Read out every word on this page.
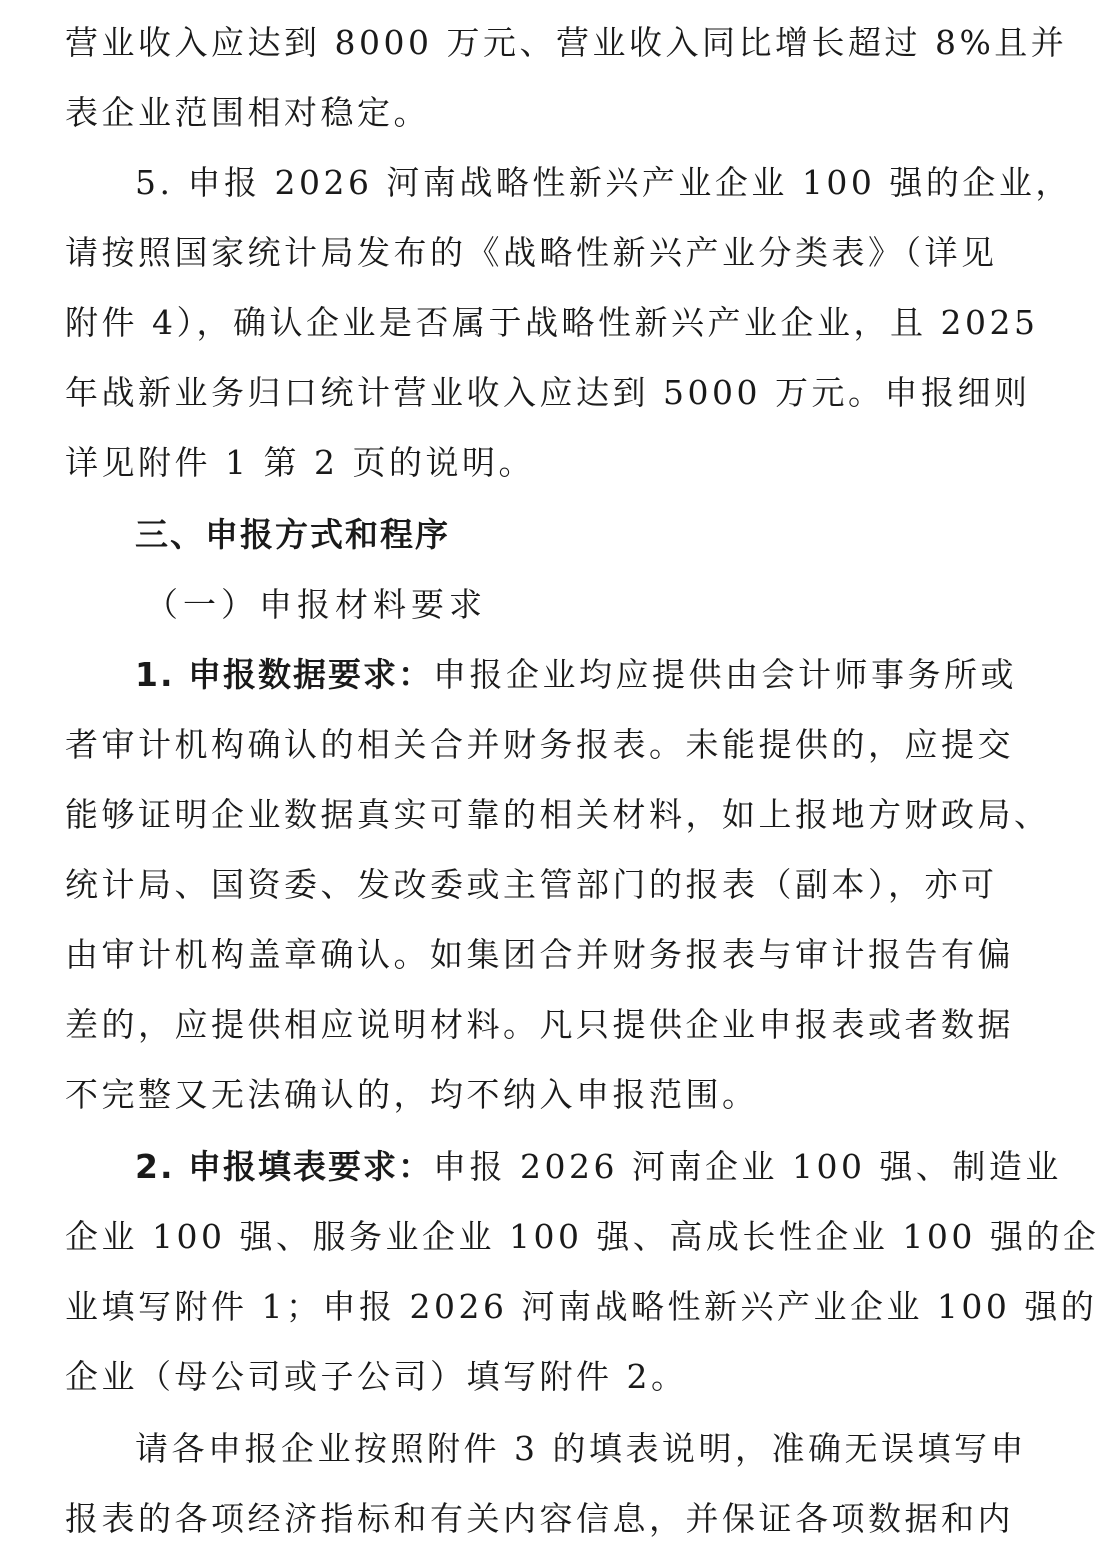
营业收入应达到 8000 万元、营业收入同比增长超过 8%且并
表企业范围相对稳定。
5. 申报 2026 河南战略性新兴产业企业 100 强的企业，
请按照国家统计局发布的《战略性新兴产业分类表》（详见
附件 4），确认企业是否属于战略性新兴产业企业，且 2025
年战新业务归口统计营业收入应达到 5000 万元。申报细则
详见附件 1 第 2 页的说明。
三、申报方式和程序
（一）申报材料要求
1. 申报数据要求：申报企业均应提供由会计师事务所或
者审计机构确认的相关合并财务报表。未能提供的，应提交
能够证明企业数据真实可靠的相关材料，如上报地方财政局、
统计局、国资委、发改委或主管部门的报表（副本），亦可
由审计机构盖章确认。如集团合并财务报表与审计报告有偏
差的，应提供相应说明材料。凡只提供企业申报表或者数据
不完整又无法确认的，均不纳入申报范围。
2. 申报填表要求：申报 2026 河南企业 100 强、制造业
企业 100 强、服务业企业 100 强、高成长性企业 100 强的企
业填写附件 1；申报 2026 河南战略性新兴产业企业 100 强的
企业（母公司或子公司）填写附件 2。
请各申报企业按照附件 3 的填表说明，准确无误填写申
报表的各项经济指标和有关内容信息，并保证各项数据和内
